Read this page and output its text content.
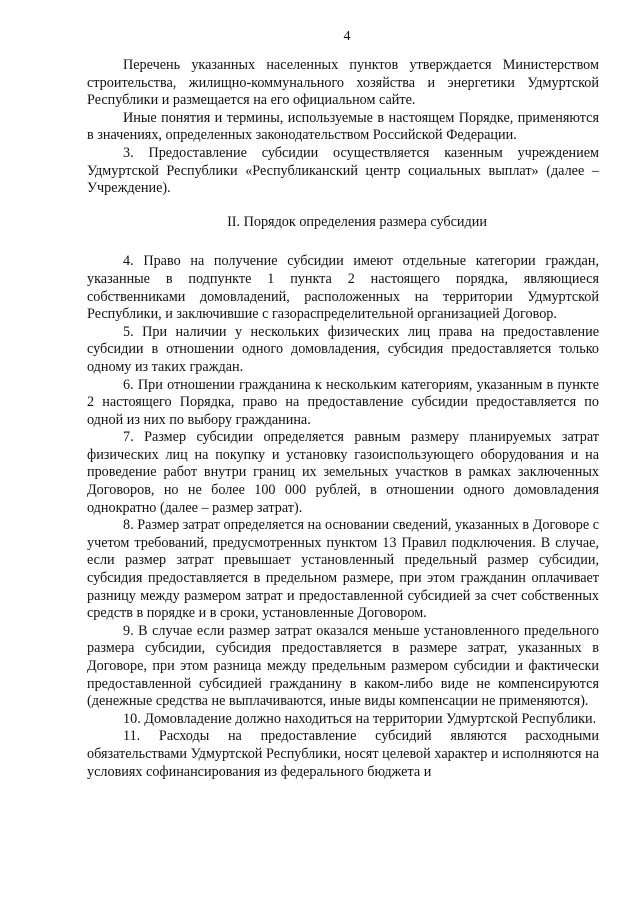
4

Перечень указанных населенных пунктов утверждается Министерством строительства, жилищно-коммунального хозяйства и энергетики Удмуртской Республики и размещается на его официальном сайте.

Иные понятия и термины, используемые в настоящем Порядке, применяются в значениях, определенных законодательством Российской Федерации.

3. Предоставление субсидии осуществляется казенным учреждением Удмуртской Республики «Республиканский центр социальных выплат» (далее – Учреждение).

II. Порядок определения размера субсидии

4. Право на получение субсидии имеют отдельные категории граждан, указанные в подпункте 1 пункта 2 настоящего порядка, являющиеся собственниками домовладений, расположенных на территории Удмуртской Республики, и заключившие с газораспределительной организацией Договор.

5. При наличии у нескольких физических лиц права на предоставление субсидии в отношении одного домовладения, субсидия предоставляется только одному из таких граждан.

6. При отношении гражданина к нескольким категориям, указанным в пункте 2 настоящего Порядка, право на предоставление субсидии предоставляется по одной из них по выбору гражданина.

7. Размер субсидии определяется равным размеру планируемых затрат физических лиц на покупку и установку газоиспользующего оборудования и на проведение работ внутри границ их земельных участков в рамках заключенных Договоров, но не более 100 000 рублей, в отношении одного домовладения однократно (далее – размер затрат).

8. Размер затрат определяется на основании сведений, указанных в Договоре с учетом требований, предусмотренных пунктом 13 Правил подключения. В случае, если размер затрат превышает установленный предельный размер субсидии, субсидия предоставляется в предельном размере, при этом гражданин оплачивает разницу между размером затрат и предоставленной субсидией за счет собственных средств в порядке и в сроки, установленные Договором.

9. В случае если размер затрат оказался меньше установленного предельного размера субсидии, субсидия предоставляется в размере затрат, указанных в Договоре, при этом разница между предельным размером субсидии и фактически предоставленной субсидией гражданину в каком-либо виде не компенсируются (денежные средства не выплачиваются, иные виды компенсации не применяются).

10. Домовладение должно находиться на территории Удмуртской Республики.

11. Расходы на предоставление субсидий являются расходными обязательствами Удмуртской Республики, носят целевой характер и исполняются на условиях софинансирования из федерального бюджета и
